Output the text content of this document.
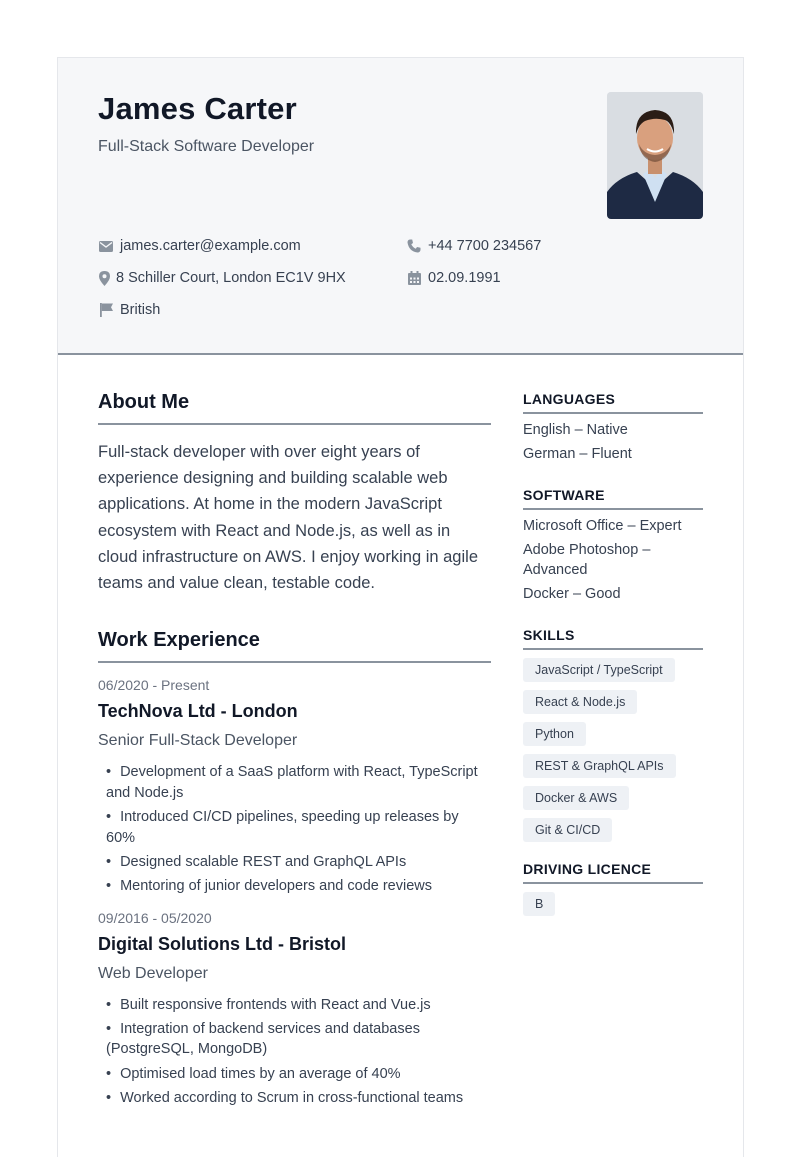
James Carter
Full-Stack Software Developer
james.carter@example.com	+44 7700 234567
8 Schiller Court, London EC1V 9HX	02.09.1991
British
About Me

Full-stack developer with over eight years of experience designing and building scalable web applications. At home in the modern JavaScript ecosystem with React and Node.js, as well as in cloud infrastructure on AWS. I enjoy working in agile teams and value clean, testable code.

Work Experience
06/2020 - Present
TechNova Ltd - London
Senior Full-Stack Developer
• Development of a SaaS platform with React, TypeScript and Node.js
• Introduced CI/CD pipelines, speeding up releases by 60%
• Designed scalable REST and GraphQL APIs
• Mentoring of junior developers and code reviews
09/2016 - 05/2020
Digital Solutions Ltd - Bristol
Web Developer
• Built responsive frontends with React and Vue.js
• Integration of backend services and databases (PostgreSQL, MongoDB)
• Optimised load times by an average of 40%
• Worked according to Scrum in cross-functional teams
LANGUAGES
English – Native
German – Fluent
SOFTWARE
Microsoft Office – Expert
Adobe Photoshop – Advanced
Docker – Good
SKILLS
JavaScript / TypeScript
React & Node.js
Python
REST & GraphQL APIs
Docker & AWS
Git & CI/CD
DRIVING LICENCE
B
